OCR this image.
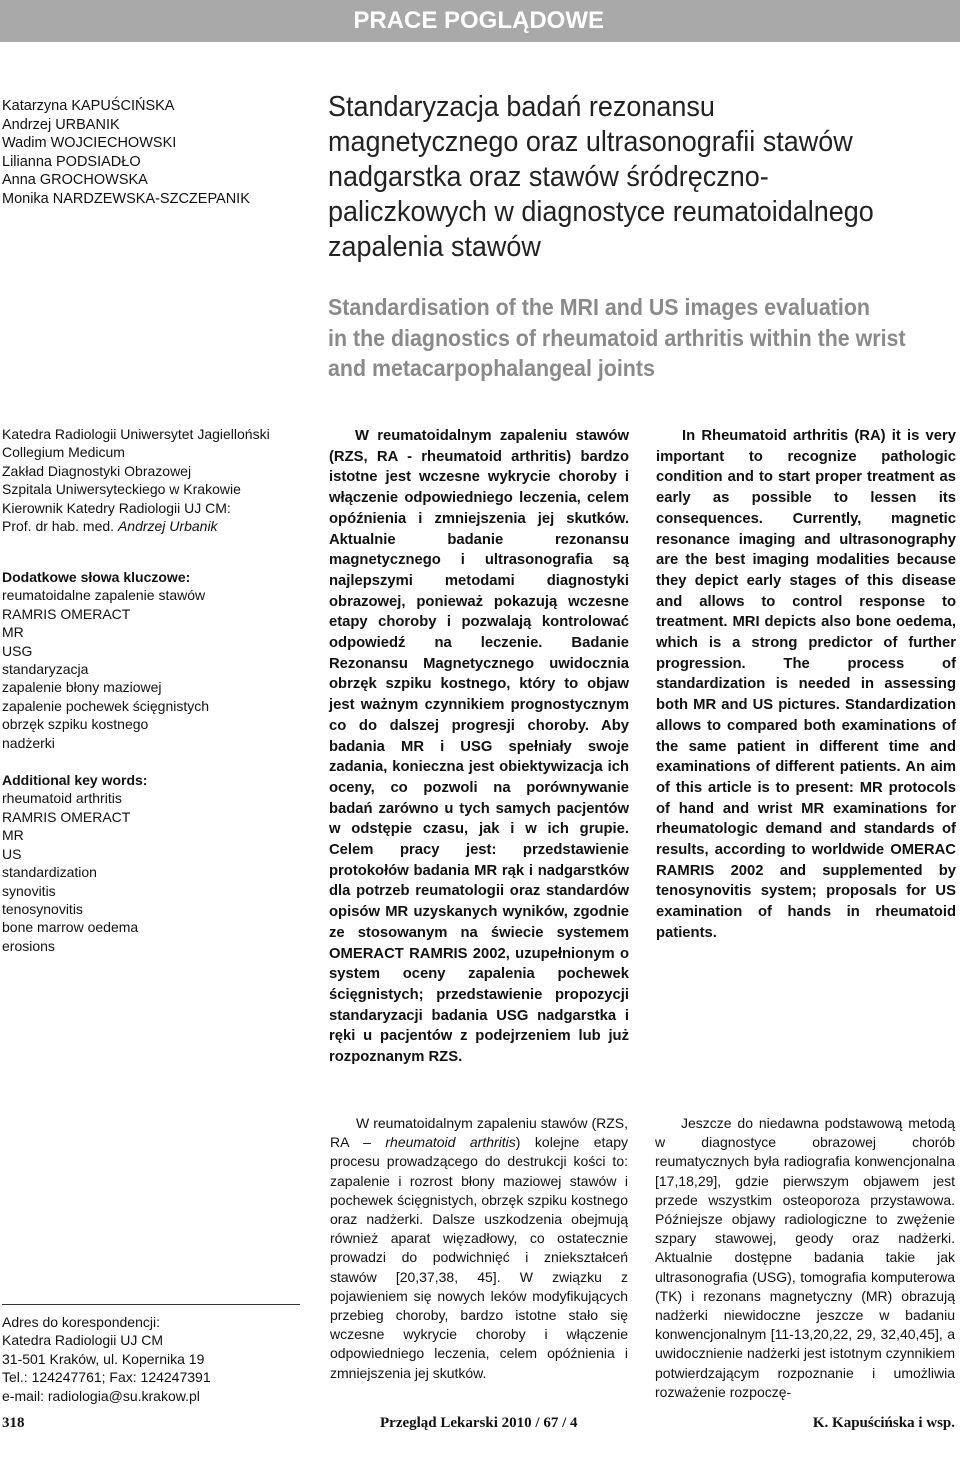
PRACE POGLĄDOWE
Katarzyna KAPUŚCIŃSKA
Andrzej URBANIK
Wadim WOJCIECHOWSKI
Lilianna PODSIADŁO
Anna GROCHOWSKA
Monika NARDZEWSKA-SZCZEPANIK
Standaryzacja badań rezonansu
magnetycznego oraz ultrasonografii stawów
nadgarstka oraz stawów śródręczno-
paliczkowych w diagnostyce reumatoidalnego
zapalenia stawów
Standardisation of the MRI and US images evaluation
in the diagnostics of rheumatoid arthritis within the wrist
and metacarpophalangeal joints
Katedra Radiologii Uniwersytet Jagielloński
Collegium Medicum
Zakład Diagnostyki Obrazowej
Szpitala Uniwersyteckiego w Krakowie
Kierownik Katedry Radiologii UJ CM:
Prof. dr hab. med. Andrzej Urbanik
Dodatkowe słowa kluczowe:
reumatoidalne zapalenie stawów
RAMRIS OMERACT
MR
USG
standaryzacja
zapalenie błony maziowej
zapalenie pochewek ścięgnistych
obrzęk szpiku kostnego
nadżerki
Additional key words:
rheumatoid arthritis
RAMRIS OMERACT
MR
US
standardization
synovitis
tenosynovitis
bone marrow oedema
erosions
W reumatoidalnym zapaleniu stawów (RZS, RA - rheumatoid arthritis) bardzo istotne jest wczesne wykrycie choroby i włączenie odpowiedniego leczenia, celem opóźnienia i zmniejszenia jej skutków. Aktualnie badanie rezonansu magnetycznego i ultrasonografia są najlepszymi metodami diagnostyki obrazowej, ponieważ pokazują wczesne etapy choroby i pozwalają kontrolować odpowiedź na leczenie. Badanie Rezonansu Magnetycznego uwidocznia obrzęk szpiku kostnego, który to objaw jest ważnym czynnikiem prognostycznym co do dalszej progresji choroby. Aby badania MR i USG spełniały swoje zadania, konieczna jest obiektywizacja ich oceny, co pozwoli na porównywanie badań zarówno u tych samych pacjentów w odstępie czasu, jak i w ich grupie. Celem pracy jest: przedstawienie protokołów badania MR rąk i nadgarstków dla potrzeb reumatologii oraz standardów opisów MR uzyskanych wyników, zgodnie ze stosowanym na świecie systemem OMERACT RAMRIS 2002, uzupełnionym o system oceny zapalenia pochewek ścięgnistych; przedstawienie propozycji standaryzacji badania USG nadgarstka i ręki u pacjentów z podejrzeniem lub już rozpoznanym RZS.
In Rheumatoid arthritis (RA) it is very important to recognize pathologic condition and to start proper treatment as early as possible to lessen its consequences. Currently, magnetic resonance imaging and ultrasonography are the best imaging modalities because they depict early stages of this disease and allows to control response to treatment. MRI depicts also bone oedema, which is a strong predictor of further progression. The process of standardization is needed in assessing both MR and US pictures. Standardization allows to compared both examinations of the same patient in different time and examinations of different patients. An aim of this article is to present: MR protocols of hand and wrist MR examinations for rheumatologic demand and standards of results, according to worldwide OMERAC RAMRIS 2002 and supplemented by tenosynovitis system; proposals for US examination of hands in rheumatoid patients.
Adres do korespondencji:
Katedra Radiologii UJ CM
31-501 Kraków, ul. Kopernika 19
Tel.: 124247761; Fax: 124247391
e-mail: radiologia@su.krakow.pl
W reumatoidalnym zapaleniu stawów (RZS, RA – rheumatoid arthritis) kolejne etapy procesu prowadzącego do destrukcji kości to: zapalenie i rozrost błony maziowej stawów i pochewek ścięgnistych, obrzęk szpiku kostnego oraz nadżerki. Dalsze uszkodzenia obejmują również aparat więzadłowy, co ostatecznie prowadzi do podwichnięć i zniekształceń stawów [20,37,38, 45]. W związku z pojawieniem się nowych leków modyfikujących przebieg choroby, bardzo istotne stało się wczesne wykrycie choroby i włączenie odpowiedniego leczenia, celem opóźnienia i zmniejszenia jej skutków.
Jeszcze do niedawna podstawową metodą w diagnostyce obrazowej chorób reumatycznych była radiografia konwencjonalna [17,18,29], gdzie pierwszym objawem jest przede wszystkim osteoporoza przystawowa. Późniejsze objawy radiologiczne to zwężenie szpary stawowej, geody oraz nadżerki. Aktualnie dostępne badania takie jak ultrasonografia (USG), tomografia komputerowa (TK) i rezonans magnetyczny (MR) obrazują nadżerki niewidoczne jeszcze w badaniu konwencjonalnym [11-13,20,22, 29, 32,40,45], a uwidocznienie nadżerki jest istotnym czynnikiem potwierdzającym rozpoznanie i umożliwia rozważenie rozpoczę-
318	Przegląd Lekarski 2010 / 67 / 4	K. Kapuścińska i wsp.
